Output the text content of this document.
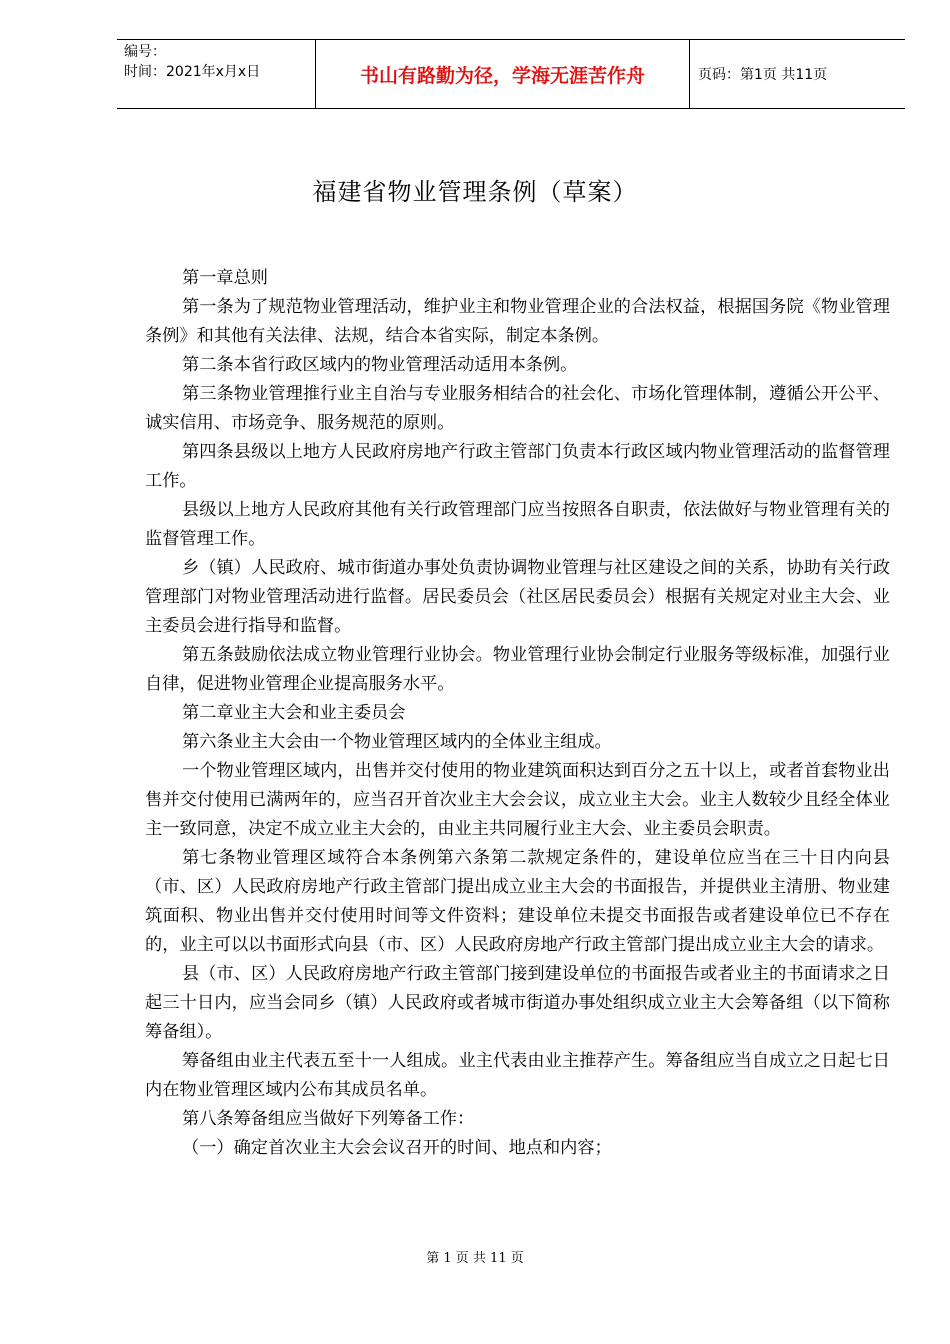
编号：
时间：2021年x月x日	书山有路勤为径，学海无涯苦作舟	页码：第1页 共11页
福建省物业管理条例（草案）

第一章总则

第一条为了规范物业管理活动，维护业主和物业管理企业的合法权益，根据国务院《物业管理条例》和其他有关法律、法规，结合本省实际，制定本条例。

第二条本省行政区域内的物业管理活动适用本条例。

第三条物业管理推行业主自治与专业服务相结合的社会化、市场化管理体制，遵循公开公平、诚实信用、市场竞争、服务规范的原则。

第四条县级以上地方人民政府房地产行政主管部门负责本行政区域内物业管理活动的监督管理工作。

县级以上地方人民政府其他有关行政管理部门应当按照各自职责，依法做好与物业管理有关的监督管理工作。

乡（镇）人民政府、城市街道办事处负责协调物业管理与社区建设之间的关系，协助有关行政管理部门对物业管理活动进行监督。居民委员会（社区居民委员会）根据有关规定对业主大会、业主委员会进行指导和监督。

第五条鼓励依法成立物业管理行业协会。物业管理行业协会制定行业服务等级标准，加强行业自律，促进物业管理企业提高服务水平。

第二章业主大会和业主委员会

第六条业主大会由一个物业管理区域内的全体业主组成。

一个物业管理区域内，出售并交付使用的物业建筑面积达到百分之五十以上，或者首套物业出售并交付使用已满两年的，应当召开首次业主大会会议，成立业主大会。业主人数较少且经全体业主一致同意，决定不成立业主大会的，由业主共同履行业主大会、业主委员会职责。

第七条物业管理区域符合本条例第六条第二款规定条件的，建设单位应当在三十日内向县（市、区）人民政府房地产行政主管部门提出成立业主大会的书面报告，并提供业主清册、物业建筑面积、物业出售并交付使用时间等文件资料；建设单位未提交书面报告或者建设单位已不存在的，业主可以以书面形式向县（市、区）人民政府房地产行政主管部门提出成立业主大会的请求。

县（市、区）人民政府房地产行政主管部门接到建设单位的书面报告或者业主的书面请求之日起三十日内，应当会同乡（镇）人民政府或者城市街道办事处组织成立业主大会筹备组（以下简称筹备组）。

筹备组由业主代表五至十一人组成。业主代表由业主推荐产生。筹备组应当自成立之日起七日内在物业管理区域内公布其成员名单。

第八条筹备组应当做好下列筹备工作：

（一）确定首次业主大会会议召开的时间、地点和内容；

第 1 页 共 11 页
